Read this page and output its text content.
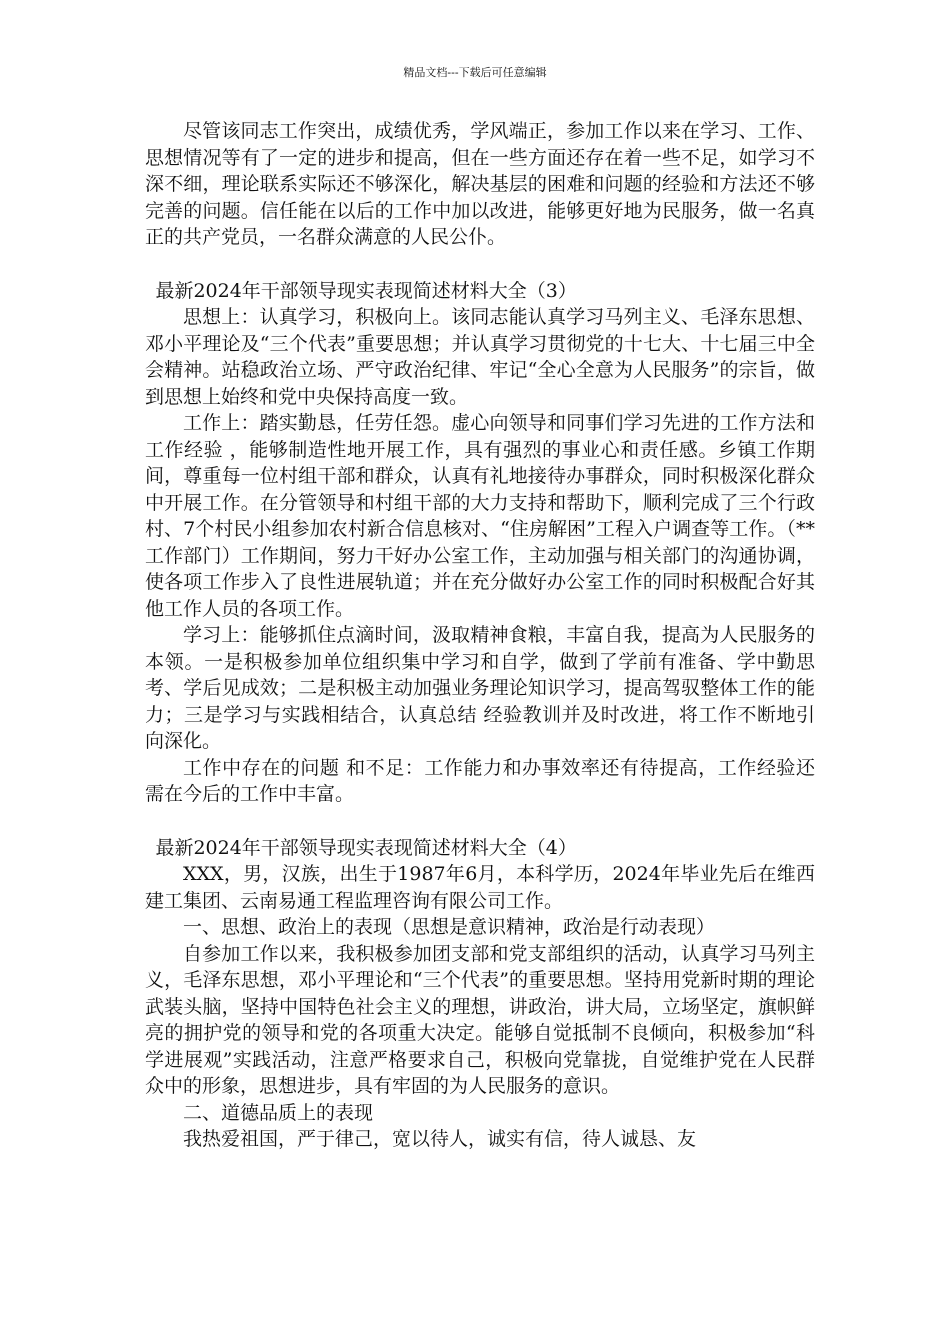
精品文档---下载后可任意编辑

尽管该同志工作突出，成绩优秀，学风端正，参加工作以来在学习、工作、思想情况等有了一定的进步和提高，但在一些方面还存在着一些不足，如学习不深不细，理论联系实际还不够深化，解决基层的困难和问题的经验和方法还不够完善的问题。信任能在以后的工作中加以改进，能够更好地为民服务，做一名真正的共产党员，一名群众满意的人民公仆。

最新2024年干部领导现实表现简述材料大全（3）

思想上：认真学习，积极向上。该同志能认真学习马列主义、毛泽东思想、邓小平理论及“三个代表”重要思想；并认真学习贯彻党的十七大、十七届三中全会精神。站稳政治立场、严守政治纪律、牢记“全心全意为人民服务”的宗旨，做到思想上始终和党中央保持高度一致。

工作上：踏实勤恳，任劳任怨。虚心向领导和同事们学习先进的工作方法和工作经验 ，能够制造性地开展工作，具有强烈的事业心和责任感。乡镇工作期间，尊重每一位村组干部和群众，认真有礼地接待办事群众，同时积极深化群众中开展工作。在分管领导和村组干部的大力支持和帮助下，顺利完成了三个行政村、7个村民小组参加农村新合信息核对、“住房解困”工程入户调查等工作。（**工作部门）工作期间，努力干好办公室工作，主动加强与相关部门的沟通协调，使各项工作步入了良性进展轨道；并在充分做好办公室工作的同时积极配合好其他工作人员的各项工作。

学习上：能够抓住点滴时间，汲取精神食粮，丰富自我，提高为人民服务的本领。一是积极参加单位组织集中学习和自学，做到了学前有准备、学中勤思考、学后见成效；二是积极主动加强业务理论知识学习，提高驾驭整体工作的能力；三是学习与实践相结合，认真总结 经验教训并及时改进，将工作不断地引向深化。

工作中存在的问题 和不足：工作能力和办事效率还有待提高，工作经验还需在今后的工作中丰富。

最新2024年干部领导现实表现简述材料大全（4）

XXX，男，汉族，出生于1987年6月，本科学历，2024年毕业先后在维西建工集团、云南易通工程监理咨询有限公司工作。

一、思想、政治上的表现（思想是意识精神，政治是行动表现）

自参加工作以来，我积极参加团支部和党支部组织的活动，认真学习马列主义，毛泽东思想，邓小平理论和“三个代表”的重要思想。坚持用党新时期的理论武装头脑，坚持中国特色社会主义的理想，讲政治，讲大局，立场坚定，旗帜鲜亮的拥护党的领导和党的各项重大决定。能够自觉抵制不良倾向，积极参加“科学进展观”实践活动，注意严格要求自己，积极向党靠拢，自觉维护党在人民群众中的形象，思想进步，具有牢固的为人民服务的意识。

二、道德品质上的表现

我热爱祖国，严于律己，宽以待人，诚实有信，待人诚恳、友
